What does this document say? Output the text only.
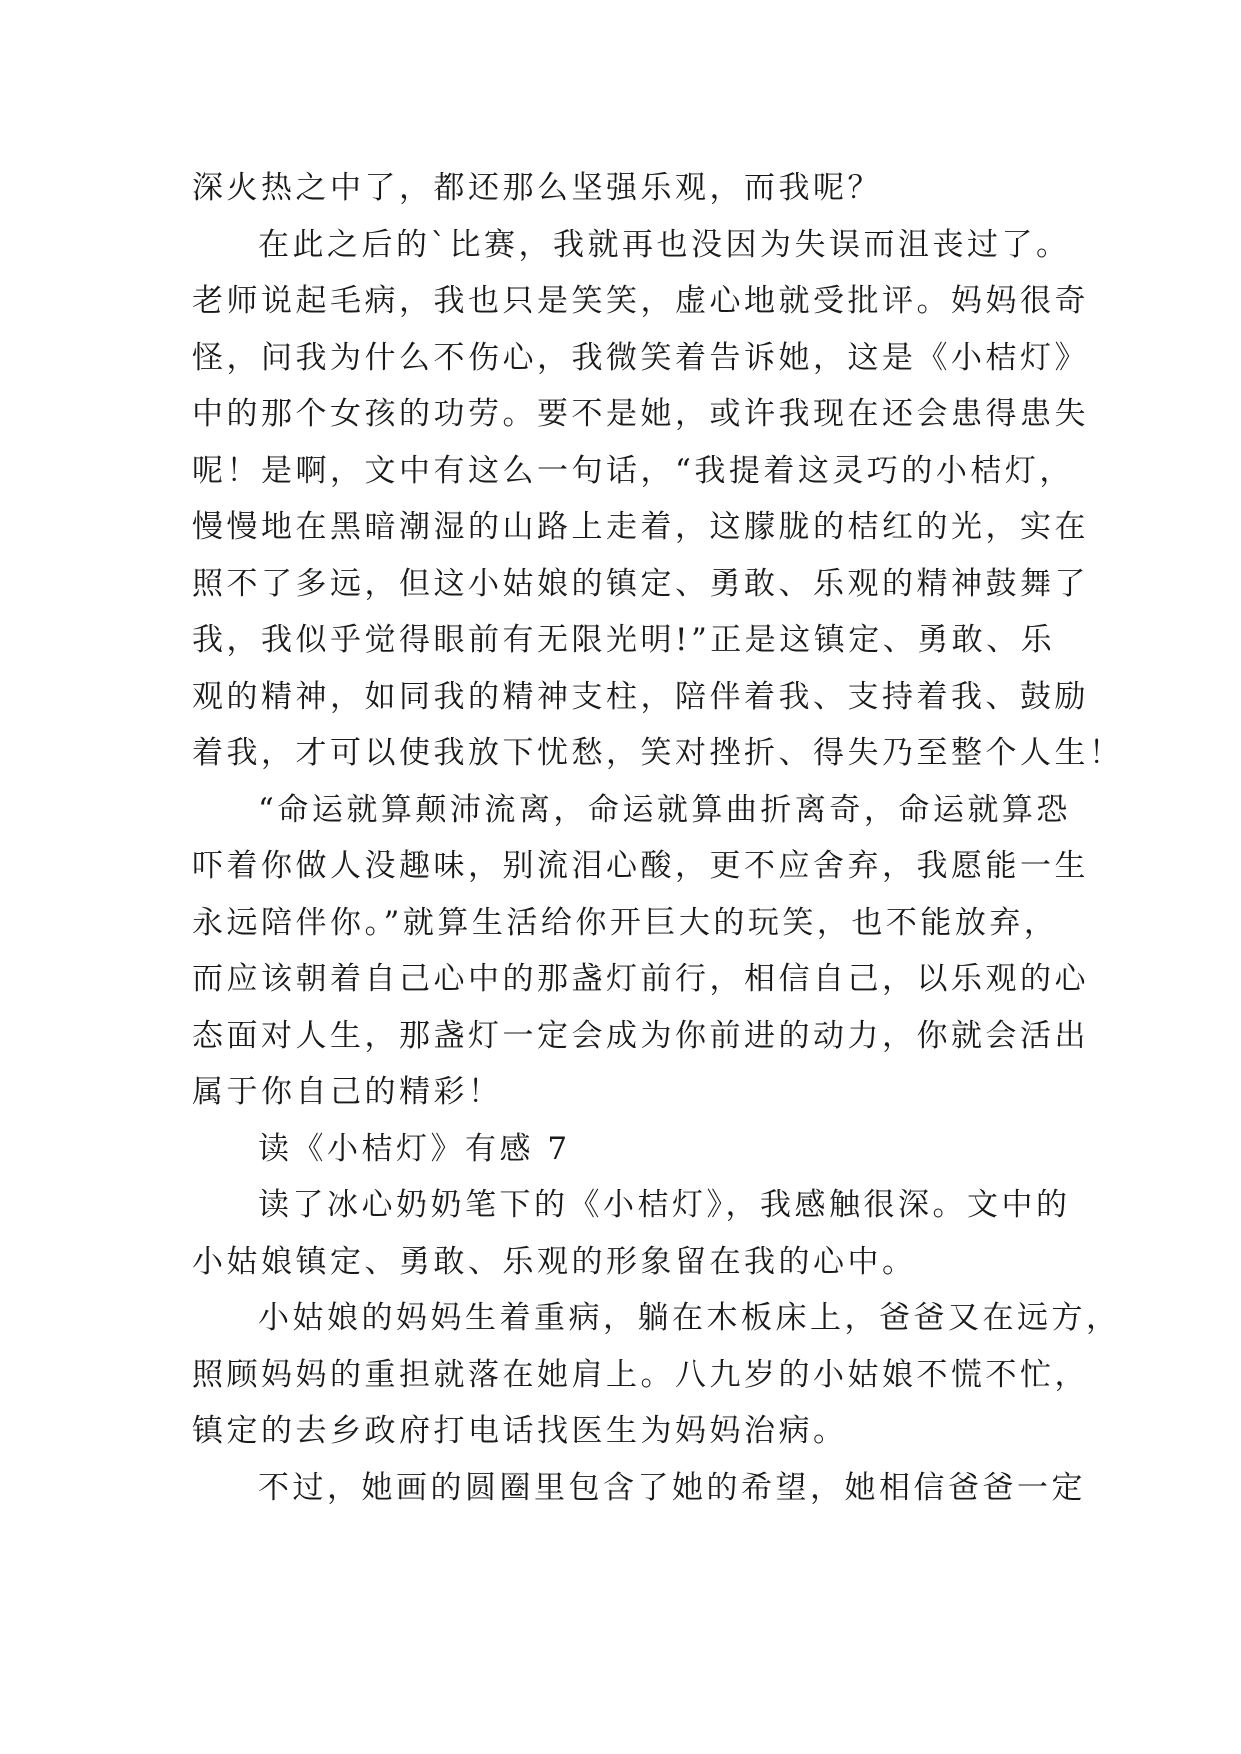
深火热之中了，都还那么坚强乐观，而我呢？
在此之后的`比赛，我就再也没因为失误而沮丧过了。
老师说起毛病，我也只是笑笑，虚心地就受批评。妈妈很奇
怪，问我为什么不伤心，我微笑着告诉她，这是《小桔灯》
中的那个女孩的功劳。要不是她，或许我现在还会患得患失
呢！是啊，文中有这么一句话，“我提着这灵巧的小桔灯，
慢慢地在黑暗潮湿的山路上走着，这朦胧的桔红的光，实在
照不了多远，但这小姑娘的镇定、勇敢、乐观的精神鼓舞了
我，我似乎觉得眼前有无限光明!”正是这镇定、勇敢、乐
观的精神，如同我的精神支柱，陪伴着我、支持着我、鼓励
着我，才可以使我放下忧愁，笑对挫折、得失乃至整个人生！
“命运就算颠沛流离，命运就算曲折离奇，命运就算恐
吓着你做人没趣味，别流泪心酸，更不应舍弃，我愿能一生
永远陪伴你。”就算生活给你开巨大的玩笑，也不能放弃，
而应该朝着自己心中的那盏灯前行，相信自己，以乐观的心
态面对人生，那盏灯一定会成为你前进的动力，你就会活出
属于你自己的精彩！
读《小桔灯》有感 7
读了冰心奶奶笔下的《小桔灯》，我感触很深。文中的
小姑娘镇定、勇敢、乐观的形象留在我的心中。
小姑娘的妈妈生着重病，躺在木板床上，爸爸又在远方，
照顾妈妈的重担就落在她肩上。八九岁的小姑娘不慌不忙，
镇定的去乡政府打电话找医生为妈妈治病。
不过，她画的圆圈里包含了她的希望，她相信爸爸一定
